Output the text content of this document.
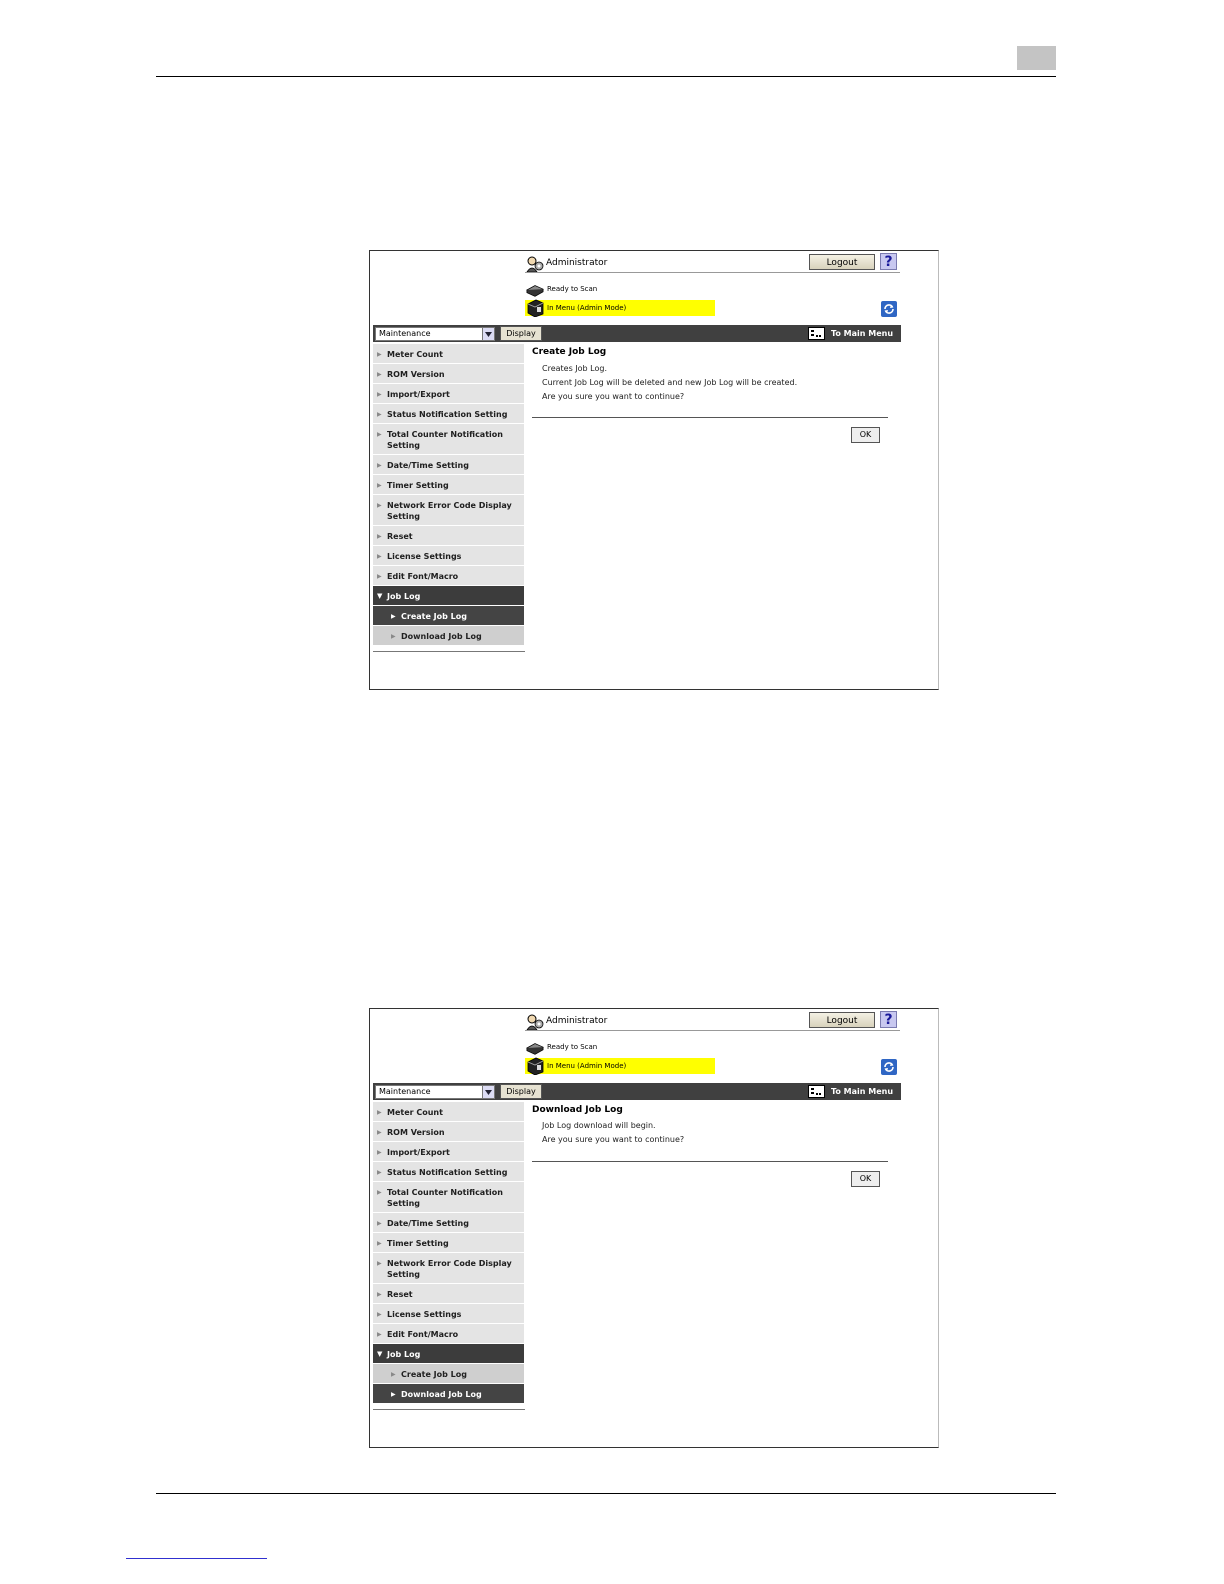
Administrator	Logout	?
Ready to Scan
In Menu (Admin Mode)
Maintenance	Display	To Main Menu
▶ Meter Count
▶ ROM Version
▶ Import/Export
▶ Status Notification Setting
▶ Total Counter Notification Setting
▶ Date/Time Setting
▶ Timer Setting
▶ Network Error Code Display Setting
▶ Reset
▶ License Settings
▶ Edit Font/Macro
▼ Job Log
▶ Create Job Log
▶ Download Job Log
Create Job Log
Creates Job Log.
Current Job Log will be deleted and new Job Log will be created.
Are you sure you want to continue?
OK
Administrator	Logout	?
Ready to Scan
In Menu (Admin Mode)
Maintenance	Display	To Main Menu
▶ Meter Count
▶ ROM Version
▶ Import/Export
▶ Status Notification Setting
▶ Total Counter Notification Setting
▶ Date/Time Setting
▶ Timer Setting
▶ Network Error Code Display Setting
▶ Reset
▶ License Settings
▶ Edit Font/Macro
▼ Job Log
▶ Create Job Log
▶ Download Job Log
Download Job Log
Job Log download will begin.
Are you sure you want to continue?
OK
